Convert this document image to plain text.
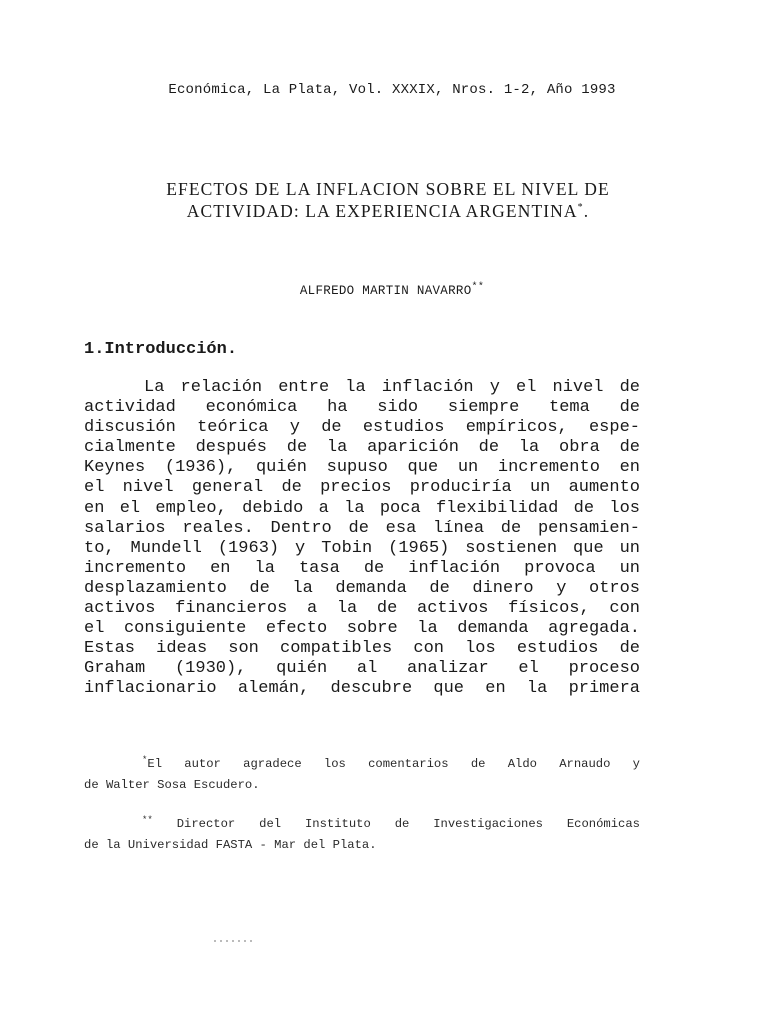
Económica, La Plata, Vol. XXXIX, Nros. 1-2, Año 1993
EFECTOS DE LA INFLACION SOBRE EL NIVEL DE
ACTIVIDAD: LA EXPERIENCIA ARGENTINA*.
ALFREDO MARTIN NAVARRO**
1.Introducción.
La relación entre la inflación y el nivel de
actividad económica ha sido siempre tema de
discusión teórica y de estudios empíricos, espe-
cialmente después de la aparición de la obra de
Keynes (1936), quién supuso que un incremento en
el nivel general de precios produciría un aumento
en el empleo, debido a la poca flexibilidad de los
salarios reales. Dentro de esa línea de pensamien-
to, Mundell (1963) y Tobin (1965) sostienen que un
incremento en la tasa de inflación provoca un
desplazamiento de la demanda de dinero y otros
activos financieros a la de activos físicos, con
el consiguiente efecto sobre la demanda agregada.
Estas ideas son compatibles con los estudios de
Graham (1930), quién al analizar el proceso
inflacionario alemán, descubre que en la primera
*El autor agradece los comentarios de Aldo Arnaudo y
de Walter Sosa Escudero.
** Director del Instituto de Investigaciones Económicas
de la Universidad FASTA - Mar del Plata.
